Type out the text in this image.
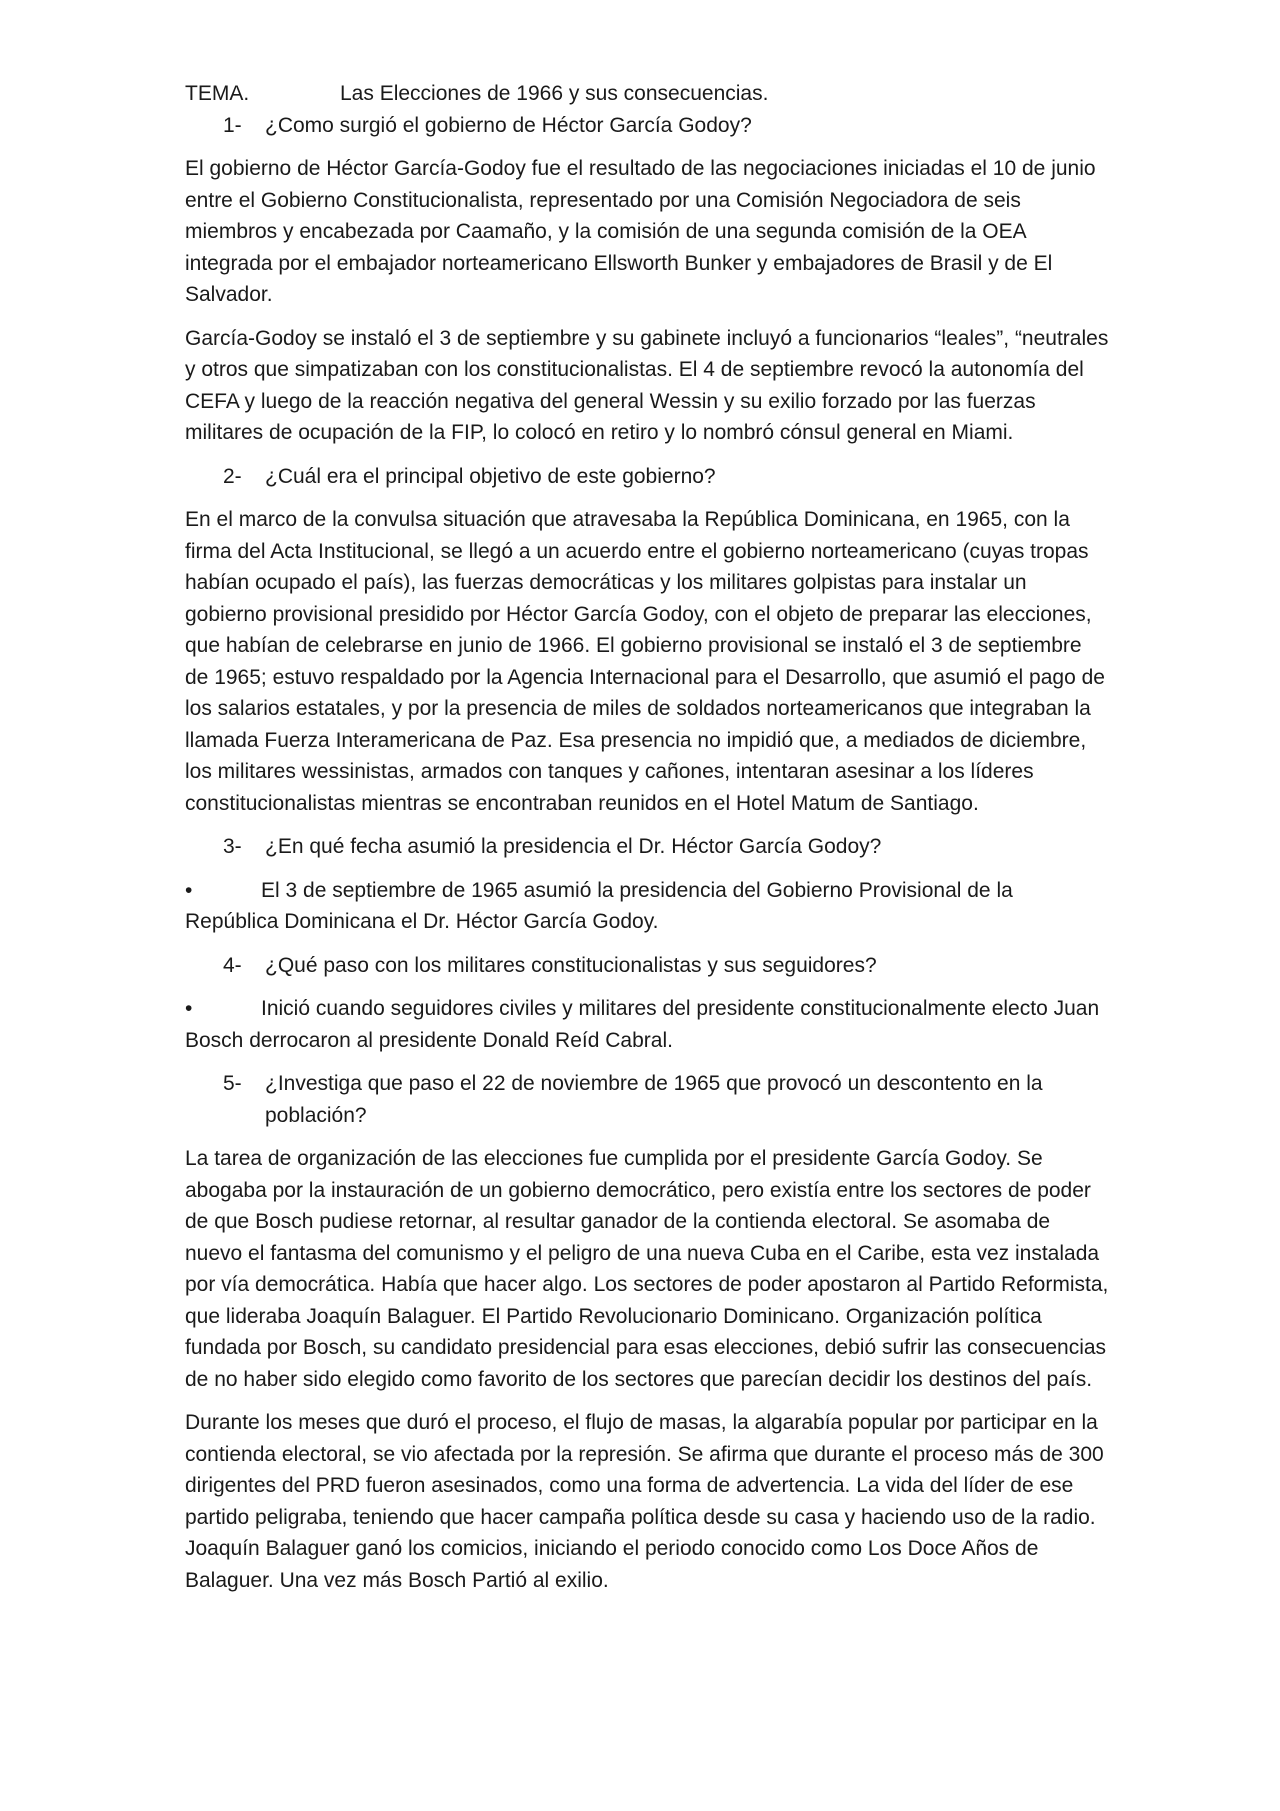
TEMA.	Las Elecciones de 1966 y sus consecuencias.

1-	¿Como surgió el gobierno de Héctor García Godoy?

El gobierno de Héctor García-Godoy fue el resultado de las negociaciones iniciadas el 10 de junio entre el Gobierno Constitucionalista, representado por una Comisión Negociadora de seis miembros y encabezada por Caamaño, y la comisión de una segunda comisión de la OEA integrada por el embajador norteamericano Ellsworth Bunker y embajadores de Brasil y de El Salvador.

García-Godoy se instaló el 3 de septiembre y su gabinete incluyó a funcionarios “leales”, “neutrales y otros que simpatizaban con los constitucionalistas. El 4 de septiembre revocó la autonomía del CEFA y luego de la reacción negativa del general Wessin y su exilio forzado por las fuerzas militares de ocupación de la FIP, lo colocó en retiro y lo nombró cónsul general en Miami.

2-	¿Cuál era el principal objetivo de este gobierno?

En el marco de la convulsa situación que atravesaba la República Dominicana, en 1965, con la firma del Acta Institucional, se llegó a un acuerdo entre el gobierno norteamericano (cuyas tropas habían ocupado el país), las fuerzas democráticas y los militares golpistas para instalar un gobierno provisional presidido por Héctor García Godoy, con el objeto de preparar las elecciones, que habían de celebrarse en junio de 1966. El gobierno provisional se instaló el 3 de septiembre de 1965; estuvo respaldado por la Agencia Internacional para el Desarrollo, que asumió el pago de los salarios estatales, y por la presencia de miles de soldados norteamericanos que integraban la llamada Fuerza Interamericana de Paz. Esa presencia no impidió que, a mediados de diciembre, los militares wessinistas, armados con tanques y cañones, intentaran asesinar a los líderes constitucionalistas mientras se encontraban reunidos en el Hotel Matum de Santiago.

3-	¿En qué fecha asumió la presidencia el Dr. Héctor García Godoy?

•	El 3 de septiembre de 1965 asumió la presidencia del Gobierno Provisional de la República Dominicana el Dr. Héctor García Godoy.

4-	¿Qué paso con los militares constitucionalistas y sus seguidores?

•	Inició cuando seguidores civiles y militares del presidente constitucionalmente electo Juan Bosch derrocaron al presidente Donald Reíd Cabral.

5-	¿Investiga que paso el 22 de noviembre de 1965 que provocó un descontento en la población?

La tarea de organización de las elecciones fue cumplida por el presidente García Godoy. Se abogaba por la instauración de un gobierno democrático, pero existía entre los sectores de poder de que Bosch pudiese retornar, al resultar ganador de la contienda electoral. Se asomaba de nuevo el fantasma del comunismo y el peligro de una nueva Cuba en el Caribe, esta vez instalada por vía democrática. Había que hacer algo. Los sectores de poder apostaron al Partido Reformista, que lideraba Joaquín Balaguer. El Partido Revolucionario Dominicano. Organización política fundada por Bosch, su candidato presidencial para esas elecciones, debió sufrir las consecuencias de no haber sido elegido como favorito de los sectores que parecían decidir los destinos del país.

Durante los meses que duró el proceso, el flujo de masas, la algarabía popular por participar en la contienda electoral, se vio afectada por la represión. Se afirma que durante el proceso más de 300 dirigentes del PRD fueron asesinados, como una forma de advertencia. La vida del líder de ese partido peligraba, teniendo que hacer campaña política desde su casa y haciendo uso de la radio. Joaquín Balaguer ganó los comicios, iniciando el periodo conocido como Los Doce Años de Balaguer. Una vez más Bosch Partió al exilio.
